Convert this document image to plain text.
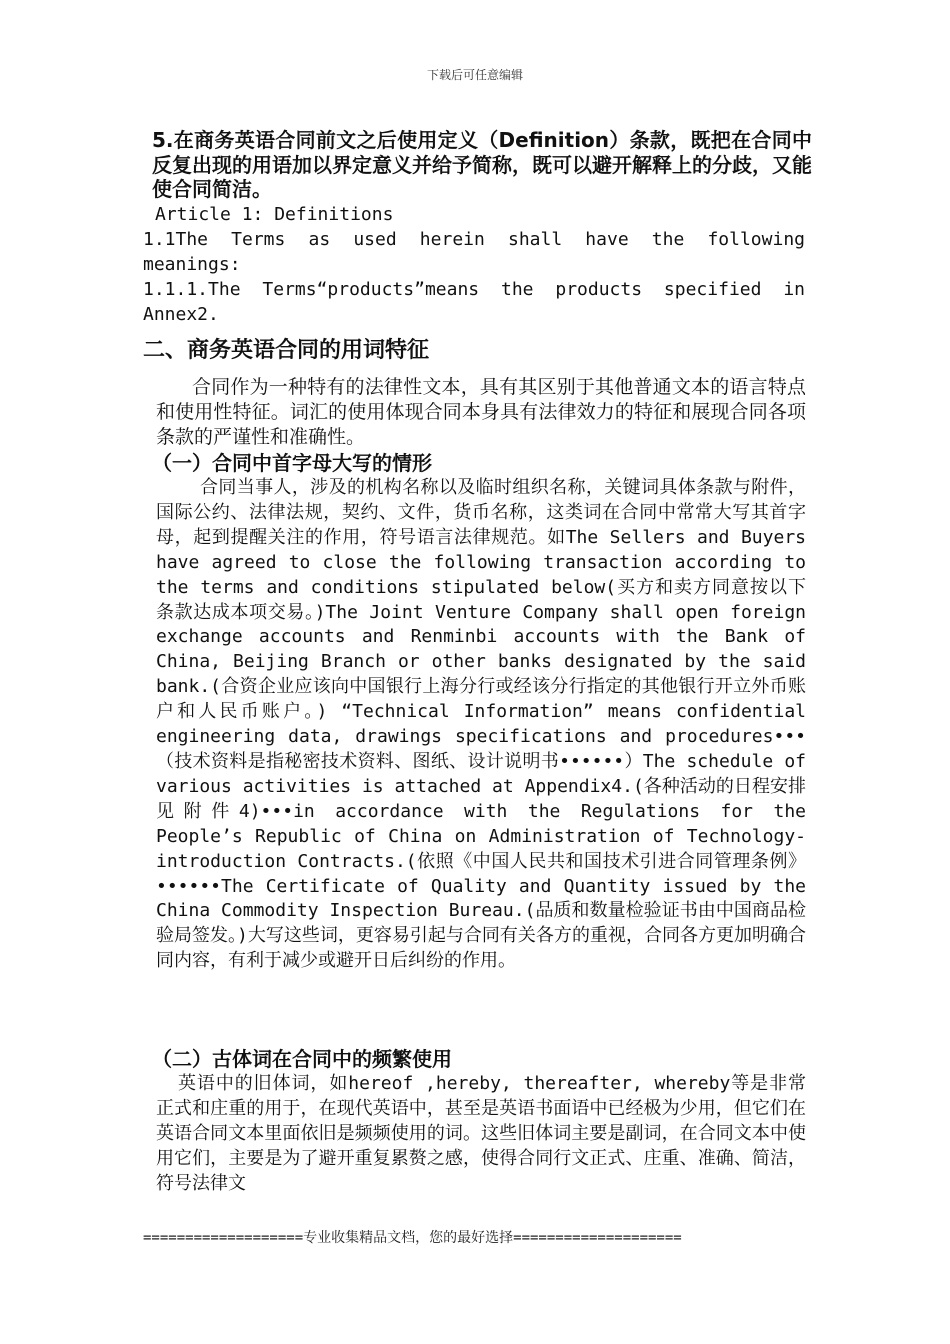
下载后可任意编辑

5.在商务英语合同前文之后使用定义（Definition）条款，既把在合同中反复出现的用语加以界定意义并给予简称，既可以避开解释上的分歧，又能使合同简洁。

Article 1: Definitions

1.1The Terms as used herein shall have the following meanings:

1.1.1.The Terms“products”means the products specified in Annex2.

二、商务英语合同的用词特征

合同作为一种特有的法律性文本，具有其区别于其他普通文本的语言特点和使用性特征。词汇的使用体现合同本身具有法律效力的特征和展现合同各项条款的严谨性和准确性。

（一）合同中首字母大写的情形

合同当事人，涉及的机构名称以及临时组织名称，关键词具体条款与附件，国际公约、法律法规，契约、文件，货币名称，这类词在合同中常常大写其首字母，起到提醒关注的作用，符号语言法律规范。如The Sellers and Buyers have agreed to close the following transaction according to the terms and conditions stipulated below(买方和卖方同意按以下条款达成本项交易。)The Joint Venture Company shall open foreign exchange accounts and Renminbi accounts with the Bank of China, Beijing Branch or other banks designated by the said bank.(合资企业应该向中国银行上海分行或经该分行指定的其他银行开立外币账户和人民币账户。) “Technical Information” means confidential engineering data, drawings specifications and procedures•••（技术资料是指秘密技术资料、图纸、设计说明书••••••）The schedule of various activities is attached at Appendix4.(各种活动的日程安排见附件4)•••in accordance with the Regulations for the People’s Republic of China on Administration of Technology-introduction Contracts.(依照《中国人民共和国技术引进合同管理条例》••••••The Certificate of Quality and Quantity issued by the China Commodity Inspection Bureau.(品质和数量检验证书由中国商品检验局签发。)大写这些词，更容易引起与合同有关各方的重视，合同各方更加明确合同内容，有利于减少或避开日后纠纷的作用。

（二）古体词在合同中的频繁使用

英语中的旧体词，如hereof ,hereby, thereafter, whereby等是非常正式和庄重的用于，在现代英语中，甚至是英语书面语中已经极为少用，但它们在英语合同文本里面依旧是频频使用的词。这些旧体词主要是副词，在合同文本中使用它们，主要是为了避开重复累赘之感，使得合同行文正式、庄重、准确、简洁，符号法律文

===================专业收集精品文档，您的最好选择====================
